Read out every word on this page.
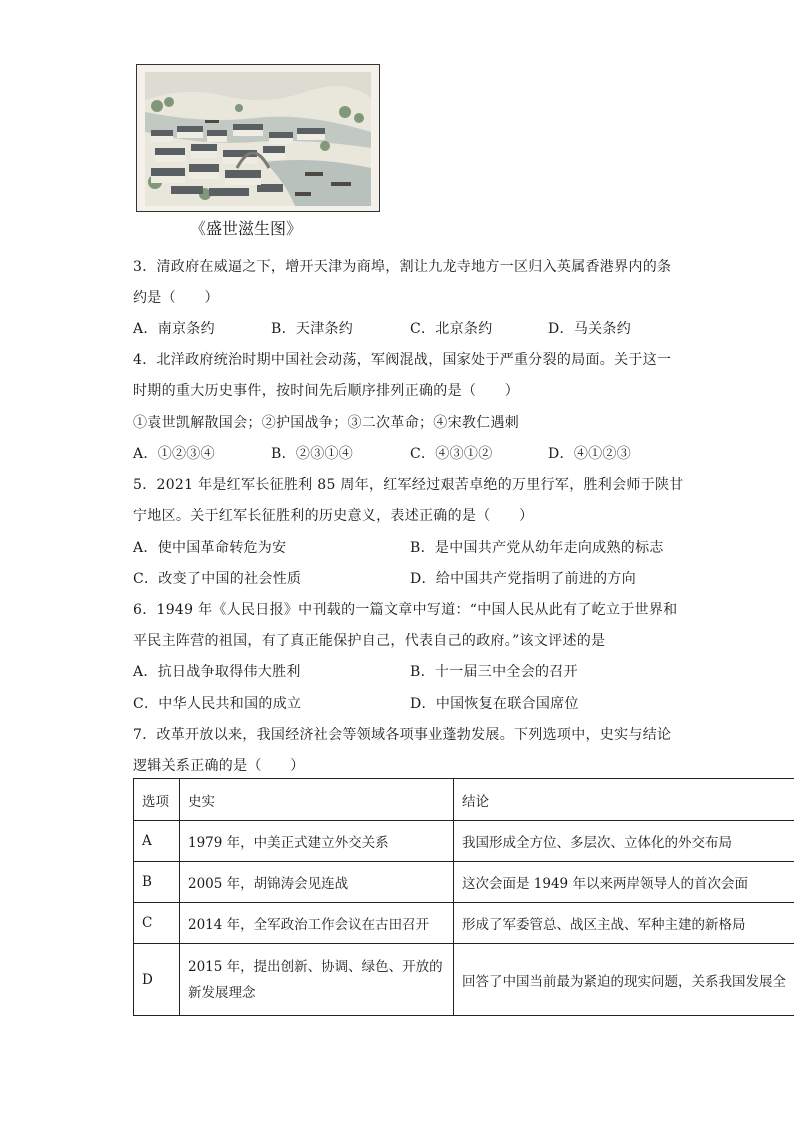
《盛世滋生图》
3．清政府在威逼之下，增开天津为商埠，割让九龙寺地方一区归入英属香港界内的条
约是（　　）
A．南京条约	B．天津条约	C．北京条约	D．马关条约
4．北洋政府统治时期中国社会动荡，军阀混战，国家处于严重分裂的局面。关于这一
时期的重大历史事件，按时间先后顺序排列正确的是（　　）
①袁世凯解散国会；②护国战争；③二次革命；④宋教仁遇刺
A．①②③④	B．②③①④	C．④③①②	D．④①②③
5．2021 年是红军长征胜利 85 周年，红军经过艰苦卓绝的万里行军，胜利会师于陕甘
宁地区。关于红军长征胜利的历史意义，表述正确的是（　　）
A．使中国革命转危为安	B．是中国共产党从幼年走向成熟的标志
C．改变了中国的社会性质	D．给中国共产党指明了前进的方向
6．1949 年《人民日报》中刊载的一篇文章中写道：“中国人民从此有了屹立于世界和
平民主阵营的祖国，有了真正能保护自己，代表自己的政府。”该文评述的是
A．抗日战争取得伟大胜利	B．十一届三中全会的召开
C．中华人民共和国的成立	D．中国恢复在联合国席位
7．改革开放以来，我国经济社会等领域各项事业蓬勃发展。下列选项中，史实与结论
逻辑关系正确的是（　　）
选项	史实	结论
A	1979 年，中美正式建立外交关系	我国形成全方位、多层次、立体化的外交布局
B	2005 年，胡锦涛会见连战	这次会面是 1949 年以来两岸领导人的首次会面
C	2014 年，全军政治工作会议在古田召开	形成了军委管总、战区主战、军种主建的新格局
D	2015 年，提出创新、协调、绿色、开放的新发展理念	回答了中国当前最为紧迫的现实问题，关系我国发展全
